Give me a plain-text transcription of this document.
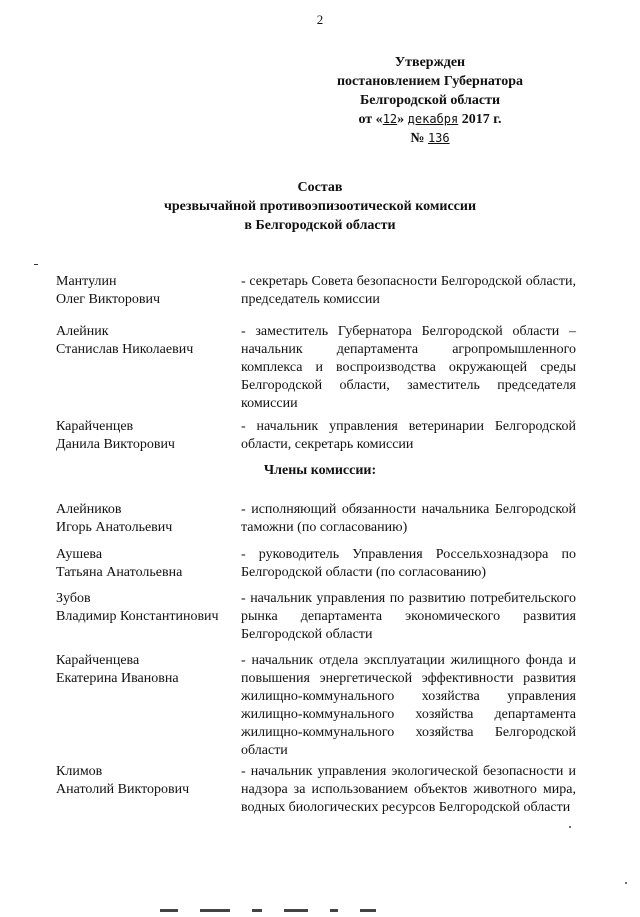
2
Утвержден
постановлением Губернатора
Белгородской области
от «12» декабря 2017 г.
№ 136
Состав
чрезвычайной противоэпизоотической комиссии
в Белгородской области
Мантулин
Олег Викторович
- секретарь Совета безопасности Белгородской области, председатель комиссии
Алейник
Станислав Николаевич
- заместитель Губернатора Белгородской области – начальник департамента агропромышленного комплекса и воспроизводства окружающей среды Белгородской области, заместитель председателя комиссии
Карайченцев
Данила Викторович
- начальник управления ветеринарии Белгородской области, секретарь комиссии
Члены комиссии:
Алейников
Игорь Анатольевич
- исполняющий обязанности начальника Белгородской таможни (по согласованию)
Аушева
Татьяна Анатольевна
- руководитель Управления Россельхознадзора по Белгородской области (по согласованию)
Зубов
Владимир Константинович
- начальник управления по развитию потребительского рынка департамента экономического развития Белгородской области
Карайченцева
Екатерина Ивановна
- начальник отдела эксплуатации жилищного фонда и повышения энергетической эффективности развития жилищно-коммунального хозяйства управления жилищно-коммунального хозяйства департамента жилищно-коммунального хозяйства Белгородской области
Климов
Анатолий Викторович
- начальник управления экологической безопасности и надзора за использованием объектов животного мира, водных биологических ресурсов Белгородской области
